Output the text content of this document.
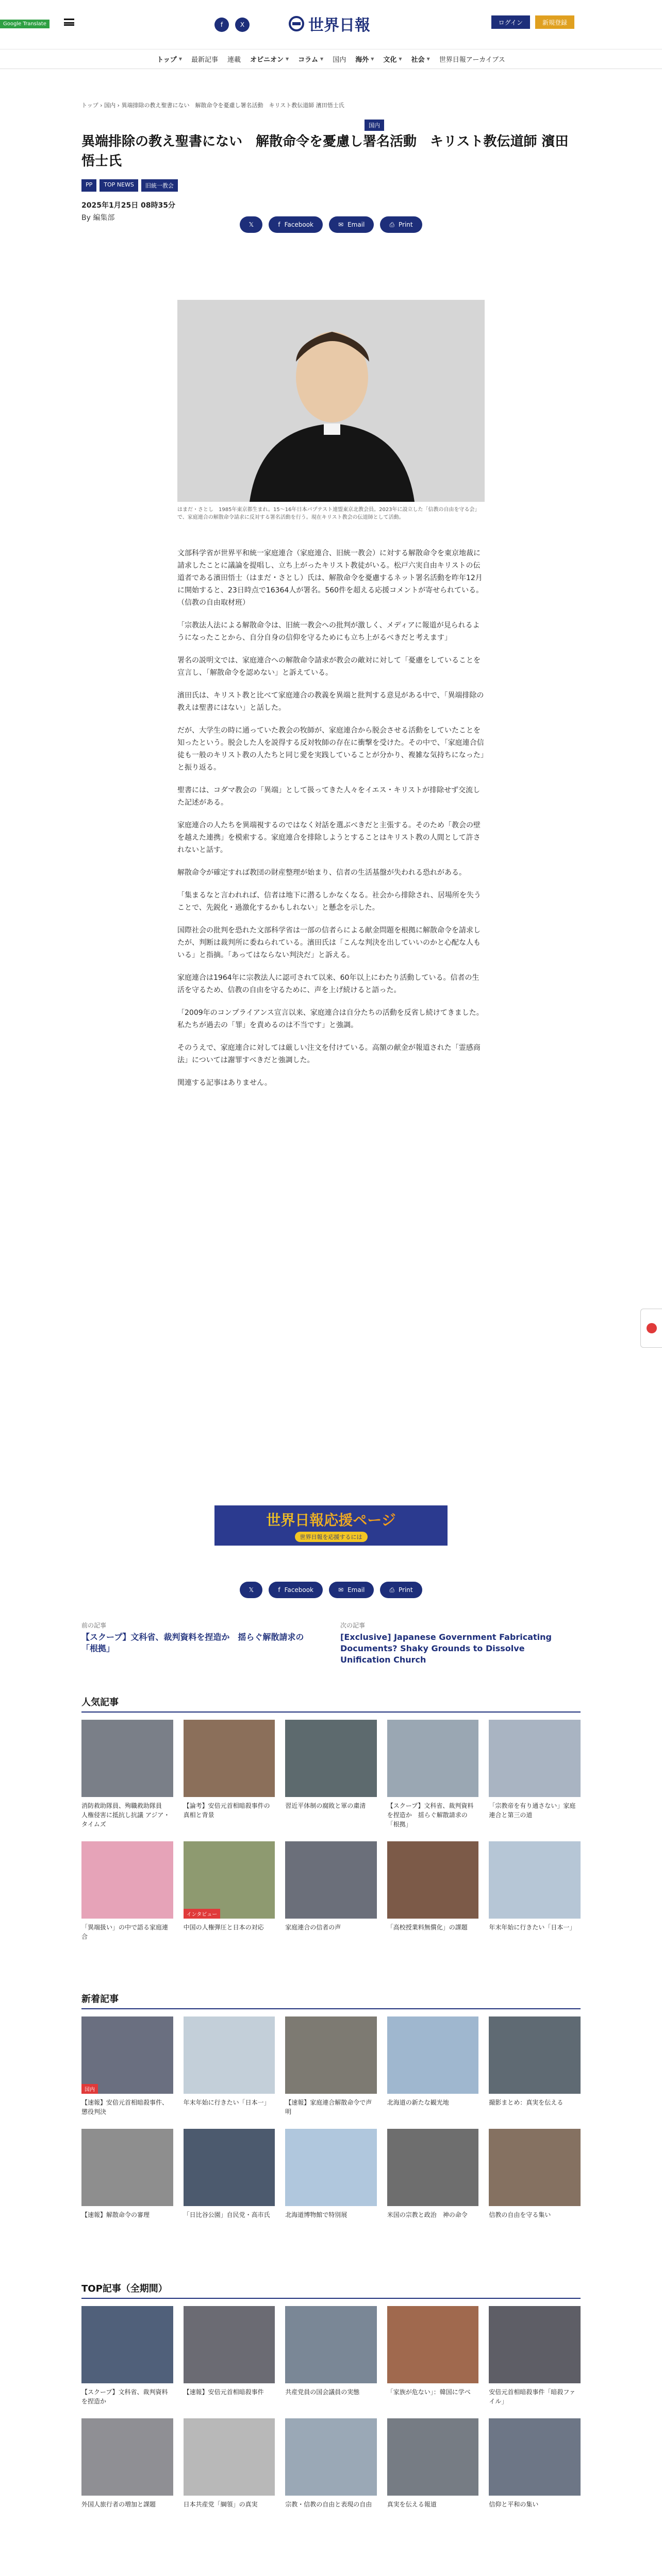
Google Translate	f	X	世界日報	ログイン	新規登録
トップ ▼ 最新記事 連載 オピニオン ▼ コラム ▼ 国内 海外 ▼ 文化 ▼ 社会 ▼ 世界日報アーカイブス
トップ › 国内 › 異端排除の教え聖書にない　解散命令を憂慮し署名活動　キリスト教伝道師 濱田悟士氏
国内
異端排除の教え聖書にない　解散命令を憂慮し署名活動　キリスト教伝道師 濱田悟士氏
PP	TOP NEWS	旧統一教会
2025年1月25日 08時35分
By 編集部
𝕏	f Facebook	✉ Email	⎙ Print
はまだ・さとし　1985年東京都生まれ。15～16年日本バプテスト連盟東京北教会員。2023年に設立した「信教の自由を守る会」で、家庭連合の解散命令請求に反対する署名活動を行う。現在キリスト教会の伝道師として活動。

文部科学省が世界平和統一家庭連合（家庭連合、旧統一教会）に対する解散命令を東京地裁に請求したことに議論を提唱し、立ち上がったキリスト教徒がいる。松戸六実自由キリストの伝道者である濱田悟士（はまだ・さとし）氏は、解散命令を憂慮するネット署名活動を昨年12月に開始すると、23日時点で16364人が署名。560件を超える応援コメントが寄せられている。（信教の自由取材班）

「宗教法人法による解散命令は、旧統一教会への批判が激しく、メディアに報道が見られるようになったことから、自分自身の信仰を守るためにも立ち上がるべきだと考えます」

署名の説明文では、家庭連合への解散命令請求が教会の敵対に対して「憂慮をしていることを宣言し、「解散命令を認めない」と訴えている。

濱田氏は、キリスト教と比べて家庭連合の教義を異端と批判する意見がある中で、「異端排除の教えは聖書にはない」と話した。

だが、大学生の時に通っていた教会の牧師が、家庭連合から脱会させる活動をしていたことを知ったという。脱会した人を説得する反対牧師の存在に衝撃を受けた。その中で、「家庭連合信徒も一般のキリスト教の人たちと同じ愛を実践していることが分かり、複雑な気持ちになった」と振り返る。

聖書には、コダマ教会の「異端」として扱ってきた人々をイエス・キリストが排除せず交流した記述がある。

家庭連合の人たちを異端視するのではなく対話を選ぶべきだと主張する。そのため「教会の壁を越えた連携」を模索する。家庭連合を排除しようとすることはキリスト教の人間として許されないと話す。

解散命令が確定すれば教団の財産整理が始まり、信者の生活基盤が失われる恐れがある。

「集まるなと言われれば、信者は地下に潜るしかなくなる。社会から排除され、居場所を失うことで、先鋭化・過激化するかもしれない」と懸念を示した。

国際社会の批判を恐れた文部科学省は一部の信者らによる献金問題を根拠に解散命令を請求したが、判断は裁判所に委ねられている。濱田氏は「こんな判決を出していいのかと心配な人もいる」と指摘。「あってはならない判決だ」と訴える。

家庭連合は1964年に宗教法人に認可されて以来、60年以上にわたり活動している。信者の生活を守るため、信教の自由を守るために、声を上げ続けると語った。

「2009年のコンプライアンス宣言以来、家庭連合は自分たちの活動を反省し続けてきました。私たちが過去の「罪」を責めるのは不当です」と強調。

そのうえで、家庭連合に対しては厳しい注文を付けている。高額の献金が報道された「霊感商法」については謝罪すべきだと強調した。

関連する記事はありません。

世界日報応援ページ
世界日報を応援するには
𝕏	f Facebook	✉ Email	⎙ Print
前の記事
【スクープ】文科省、裁判資料を捏造か　揺らぐ解散請求の「根拠」
次の記事
[Exclusive] Japanese Government Fabricating Documents? Shaky Grounds to Dissolve Unification Church
人気記事
消防救助隊員、殉職救助隊員　人権侵害に抵抗し抗議 アジア・タイムズ
【論考】安倍元首相暗殺事件の真相と背景
習近平体制の腐敗と軍の粛清	【スクープ】文科省、裁判資料を捏造か　揺らぐ解散請求の「根拠」
「宗教帝を有り通さない」家庭連合と第三の道
「異端扱い」の中で語る家庭連合
インタビュー
中国の人権弾圧と日本の対応	家庭連合の信者の声	「高校授業料無償化」の課題	年末年始に行きたい「日本一」
新着記事
国内
【速報】安倍元首相暗殺事件、懲役判決
年末年始に行きたい「日本一」	【速報】家庭連合解散命令で声明
北海道の新たな観光地	撮影まとめ：真実を伝える
【速報】解散命令の審理	「日比谷公園」自民党・高市氏	北海道博物館で特別展	米国の宗教と政治　神の命令	信教の自由を守る集い
TOP記事（全期間）
【スクープ】文科省、裁判資料を捏造か
【速報】安倍元首相暗殺事件	共産党員の国会議員の実態	「家族が危ない」：韓国に学べ	安倍元首相暗殺事件「暗殺ファイル」
外国人旅行者の増加と課題	日本共産党「綱領」の真実	宗教・信教の自由と表現の自由	真実を伝える報道	信仰と平和の集い
